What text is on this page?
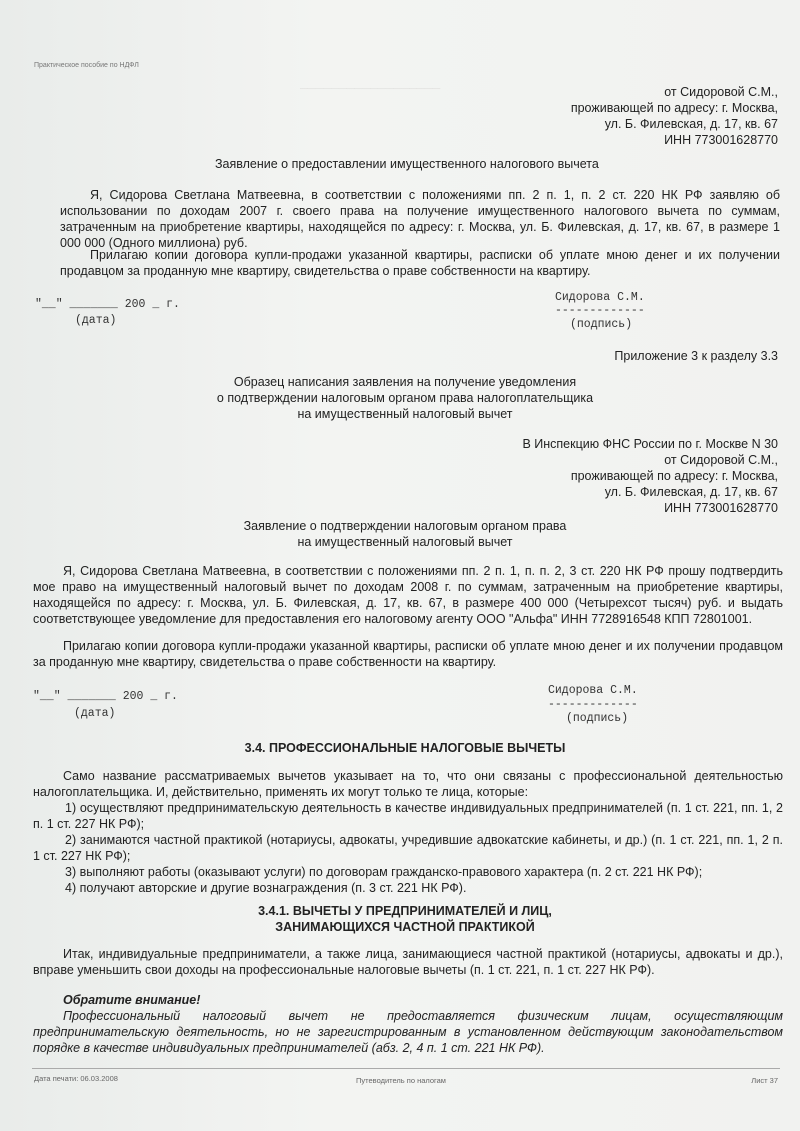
──────────────────
Практическое пособие по НДФЛ
от Сидоровой С.М.,
проживающей по адресу: г. Москва,
ул. Б. Филевская, д. 17, кв. 67
ИНН 773001628770
Заявление о предоставлении имущественного налогового вычета
Я, Сидорова Светлана Матвеевна, в соответствии с положениями пп. 2 п. 1, п. 2 ст. 220 НК РФ заявляю об использовании по доходам 2007 г. своего права на получение имущественного налогового вычета по суммам, затраченным на приобретение квартиры, находящейся по адресу: г. Москва, ул. Б. Филевская, д. 17, кв. 67, в размере 1 000 000 (Одного миллиона) руб.
Прилагаю копии договора купли-продажи указанной квартиры, расписки об уплате мною денег и их получении продавцом за проданную мне квартиру, свидетельства о праве собственности на квартиру.
"__" _______ 200 _ г.
(дата)
Сидорова С.М.
-------------
(подпись)
Приложение 3 к разделу 3.3
Образец написания заявления на получение уведомления
о подтверждении налоговым органом права налогоплательщика
на имущественный налоговый вычет
В Инспекцию ФНС России по г. Москве N 30
от Сидоровой С.М.,
проживающей по адресу: г. Москва,
ул. Б. Филевская, д. 17, кв. 67
ИНН 773001628770
Заявление о подтверждении налоговым органом права
на имущественный налоговый вычет
Я, Сидорова Светлана Матвеевна, в соответствии с положениями пп. 2 п. 1, п. п. 2, 3 ст. 220 НК РФ прошу подтвердить мое право на имущественный налоговый вычет по доходам 2008 г. по суммам, затраченным на приобретение квартиры, находящейся по адресу: г. Москва, ул. Б. Филевская, д. 17, кв. 67, в размере 400 000 (Четырехсот тысяч) руб. и выдать соответствующее уведомление для предоставления его налоговому агенту ООО "Альфа" ИНН 7728916548 КПП 72801001.
Прилагаю копии договора купли-продажи указанной квартиры, расписки об уплате мною денег и их получении продавцом за проданную мне квартиру, свидетельства о праве собственности на квартиру.
"__" _______ 200 _ г.
(дата)
Сидорова С.М.
-------------
(подпись)
3.4. ПРОФЕССИОНАЛЬНЫЕ НАЛОГОВЫЕ ВЫЧЕТЫ
Само название рассматриваемых вычетов указывает на то, что они связаны с профессиональной деятельностью налогоплательщика. И, действительно, применять их могут только те лица, которые:
1) осуществляют предпринимательскую деятельность в качестве индивидуальных предпринимателей (п. 1 ст. 221, пп. 1, 2 п. 1 ст. 227 НК РФ);
2) занимаются частной практикой (нотариусы, адвокаты, учредившие адвокатские кабинеты, и др.) (п. 1 ст. 221, пп. 1, 2 п. 1 ст. 227 НК РФ);
3) выполняют работы (оказывают услуги) по договорам гражданско-правового характера (п. 2 ст. 221 НК РФ);
4) получают авторские и другие вознаграждения (п. 3 ст. 221 НК РФ).
3.4.1. ВЫЧЕТЫ У ПРЕДПРИНИМАТЕЛЕЙ И ЛИЦ,
ЗАНИМАЮЩИХСЯ ЧАСТНОЙ ПРАКТИКОЙ
Итак, индивидуальные предприниматели, а также лица, занимающиеся частной практикой (нотариусы, адвокаты и др.), вправе уменьшить свои доходы на профессиональные налоговые вычеты (п. 1 ст. 221, п. 1 ст. 227 НК РФ).
Обратите внимание!
Профессиональный налоговый вычет не предоставляется физическим лицам, осуществляющим предпринимательскую деятельность, но не зарегистрированным в установленном действующим законодательством порядке в качестве индивидуальных предпринимателей (абз. 2, 4 п. 1 ст. 221 НК РФ).
Дата печати: 06.03.2008	Путеводитель по налогам	Лист 37
